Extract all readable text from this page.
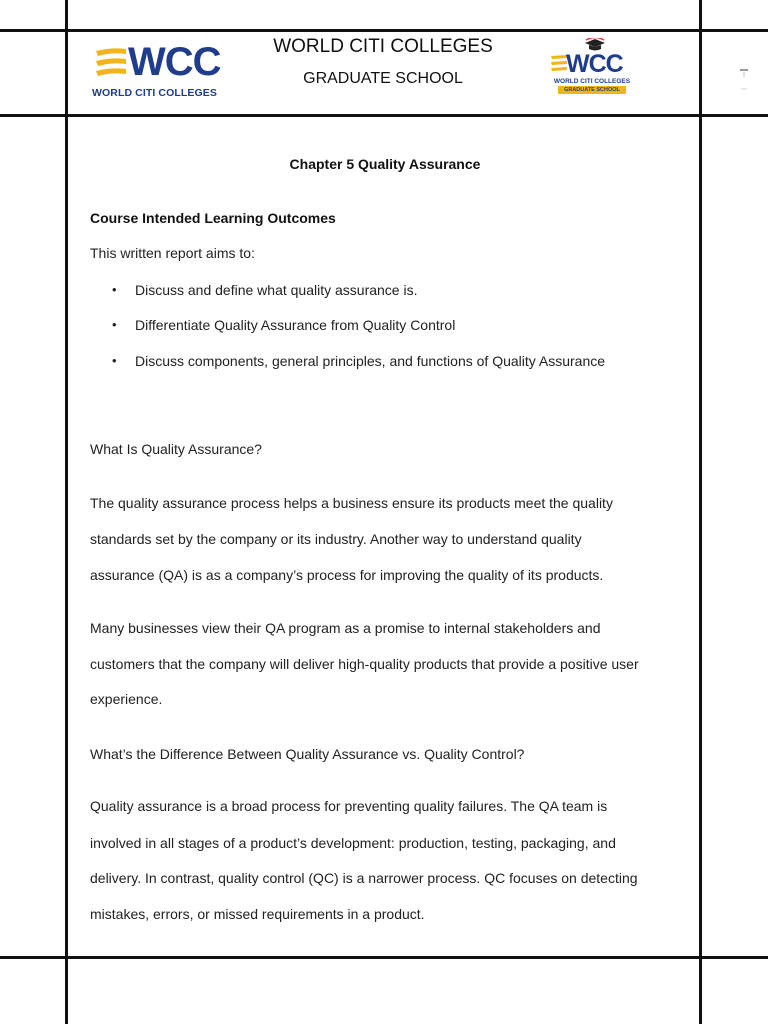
WCC
WORLD CITI COLLEGES
WORLD CITI COLLEGES
GRADUATE SCHOOL
WCC
WORLD CITI COLLEGES
GRADUATE SCHOOL
Chapter 5 Quality Assurance
Course Intended Learning Outcomes
This written report aims to:
Discuss and define what quality assurance is.
Differentiate Quality Assurance from Quality Control
Discuss components, general principles, and functions of Quality Assurance
What Is Quality Assurance?
The quality assurance process helps a business ensure its products meet the quality
standards set by the company or its industry. Another way to understand quality
assurance (QA) is as a company’s process for improving the quality of its products.
Many businesses view their QA program as a promise to internal stakeholders and
customers that the company will deliver high-quality products that provide a positive user
experience.
What’s the Difference Between Quality Assurance vs. Quality Control?
Quality assurance is a broad process for preventing quality failures. The QA team is
involved in all stages of a product’s development: production, testing, packaging, and
delivery. In contrast, quality control (QC) is a narrower process. QC focuses on detecting
mistakes, errors, or missed requirements in a product.
